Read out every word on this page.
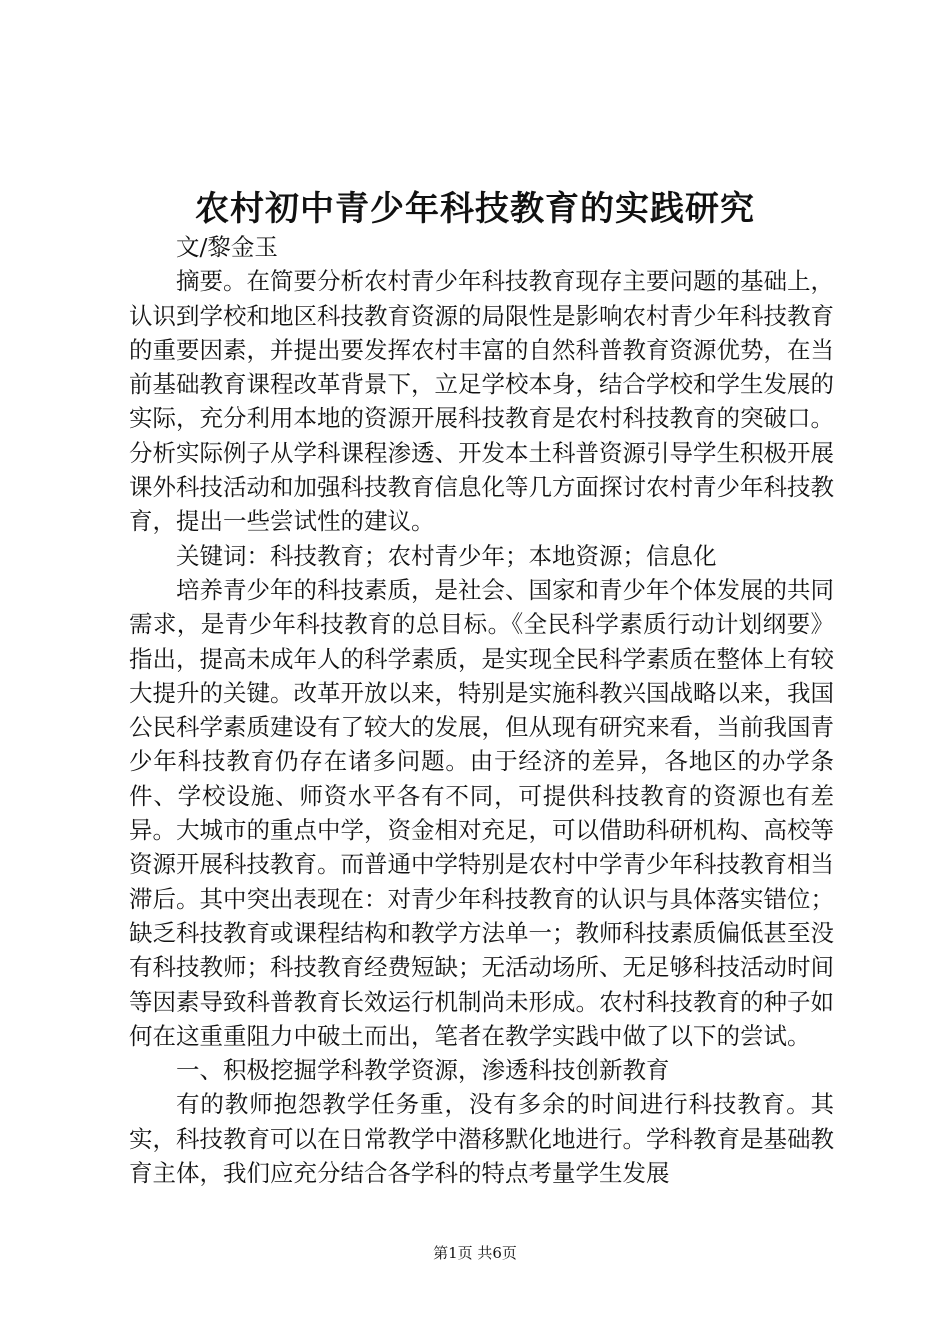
农村初中青少年科技教育的实践研究

文/黎金玉

摘要。在简要分析农村青少年科技教育现存主要问题的基础上，认识到学校和地区科技教育资源的局限性是影响农村青少年科技教育的重要因素，并提出要发挥农村丰富的自然科普教育资源优势，在当前基础教育课程改革背景下，立足学校本身，结合学校和学生发展的实际，充分利用本地的资源开展科技教育是农村科技教育的突破口。分析实际例子从学科课程渗透、开发本土科普资源引导学生积极开展课外科技活动和加强科技教育信息化等几方面探讨农村青少年科技教育，提出一些尝试性的建议。

关键词：科技教育；农村青少年；本地资源；信息化

培养青少年的科技素质，是社会、国家和青少年个体发展的共同需求，是青少年科技教育的总目标。《全民科学素质行动计划纲要》指出，提高未成年人的科学素质，是实现全民科学素质在整体上有较大提升的关键。改革开放以来，特别是实施科教兴国战略以来，我国公民科学素质建设有了较大的发展，但从现有研究来看，当前我国青少年科技教育仍存在诸多问题。由于经济的差异，各地区的办学条件、学校设施、师资水平各有不同，可提供科技教育的资源也有差异。大城市的重点中学，资金相对充足，可以借助科研机构、高校等资源开展科技教育。而普通中学特别是农村中学青少年科技教育相当滞后。其中突出表现在：对青少年科技教育的认识与具体落实错位；缺乏科技教育或课程结构和教学方法单一；教师科技素质偏低甚至没有科技教师；科技教育经费短缺；无活动场所、无足够科技活动时间等因素导致科普教育长效运行机制尚未形成。农村科技教育的种子如何在这重重阻力中破土而出，笔者在教学实践中做了以下的尝试。

一、积极挖掘学科教学资源，渗透科技创新教育

有的教师抱怨教学任务重，没有多余的时间进行科技教育。其实，科技教育可以在日常教学中潜移默化地进行。学科教育是基础教育主体，我们应充分结合各学科的特点考量学生发展

第1页 共6页
